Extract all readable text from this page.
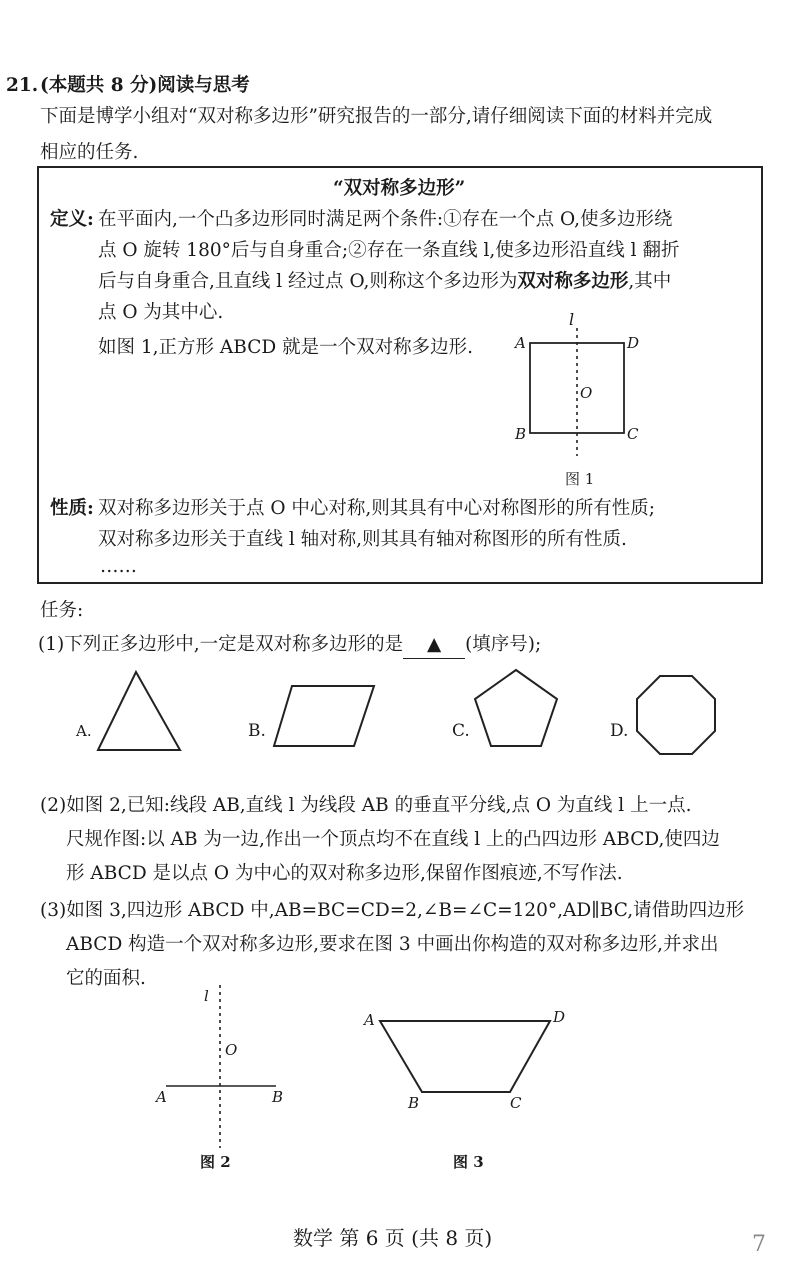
21. (本题共 8 分)阅读与思考
下面是博学小组对“双对称多边形”研究报告的一部分,请仔细阅读下面的材料并完成
相应的任务.
“双对称多边形”
定义: 在平面内,一个凸多边形同时满足两个条件:①存在一个点 O,使多边形绕
点 O 旋转 180°后与自身重合;②存在一条直线 l,使多边形沿直线 l 翻折
后与自身重合,且直线 l 经过点 O,则称这个多边形为双对称多边形,其中
点 O 为其中心.
如图 1,正方形 ABCD 就是一个双对称多边形.
l
A	D
B	C
O
图 1
性质: 双对称多边形关于点 O 中心对称,则其具有中心对称图形的所有性质;
双对称多边形关于直线 l 轴对称,则其具有轴对称图形的所有性质.
……
任务:
(1)下列正多边形中,一定是双对称多边形的是 ▲ (填序号);
A.	B.	C.	D.
(2)如图 2,已知:线段 AB,直线 l 为线段 AB 的垂直平分线,点 O 为直线 l 上一点.
尺规作图:以 AB 为一边,作出一个顶点均不在直线 l 上的凸四边形 ABCD,使四边
形 ABCD 是以点 O 为中心的双对称多边形,保留作图痕迹,不写作法.
(3)如图 3,四边形 ABCD 中,AB=BC=CD=2,∠B=∠C=120°,AD∥BC,请借助四边形
ABCD 构造一个双对称多边形,要求在图 3 中画出你构造的双对称多边形,并求出
它的面积.
l
O
A	B
图 2
A	D
B	C
图 3
数学 第 6 页 (共 8 页)	7
